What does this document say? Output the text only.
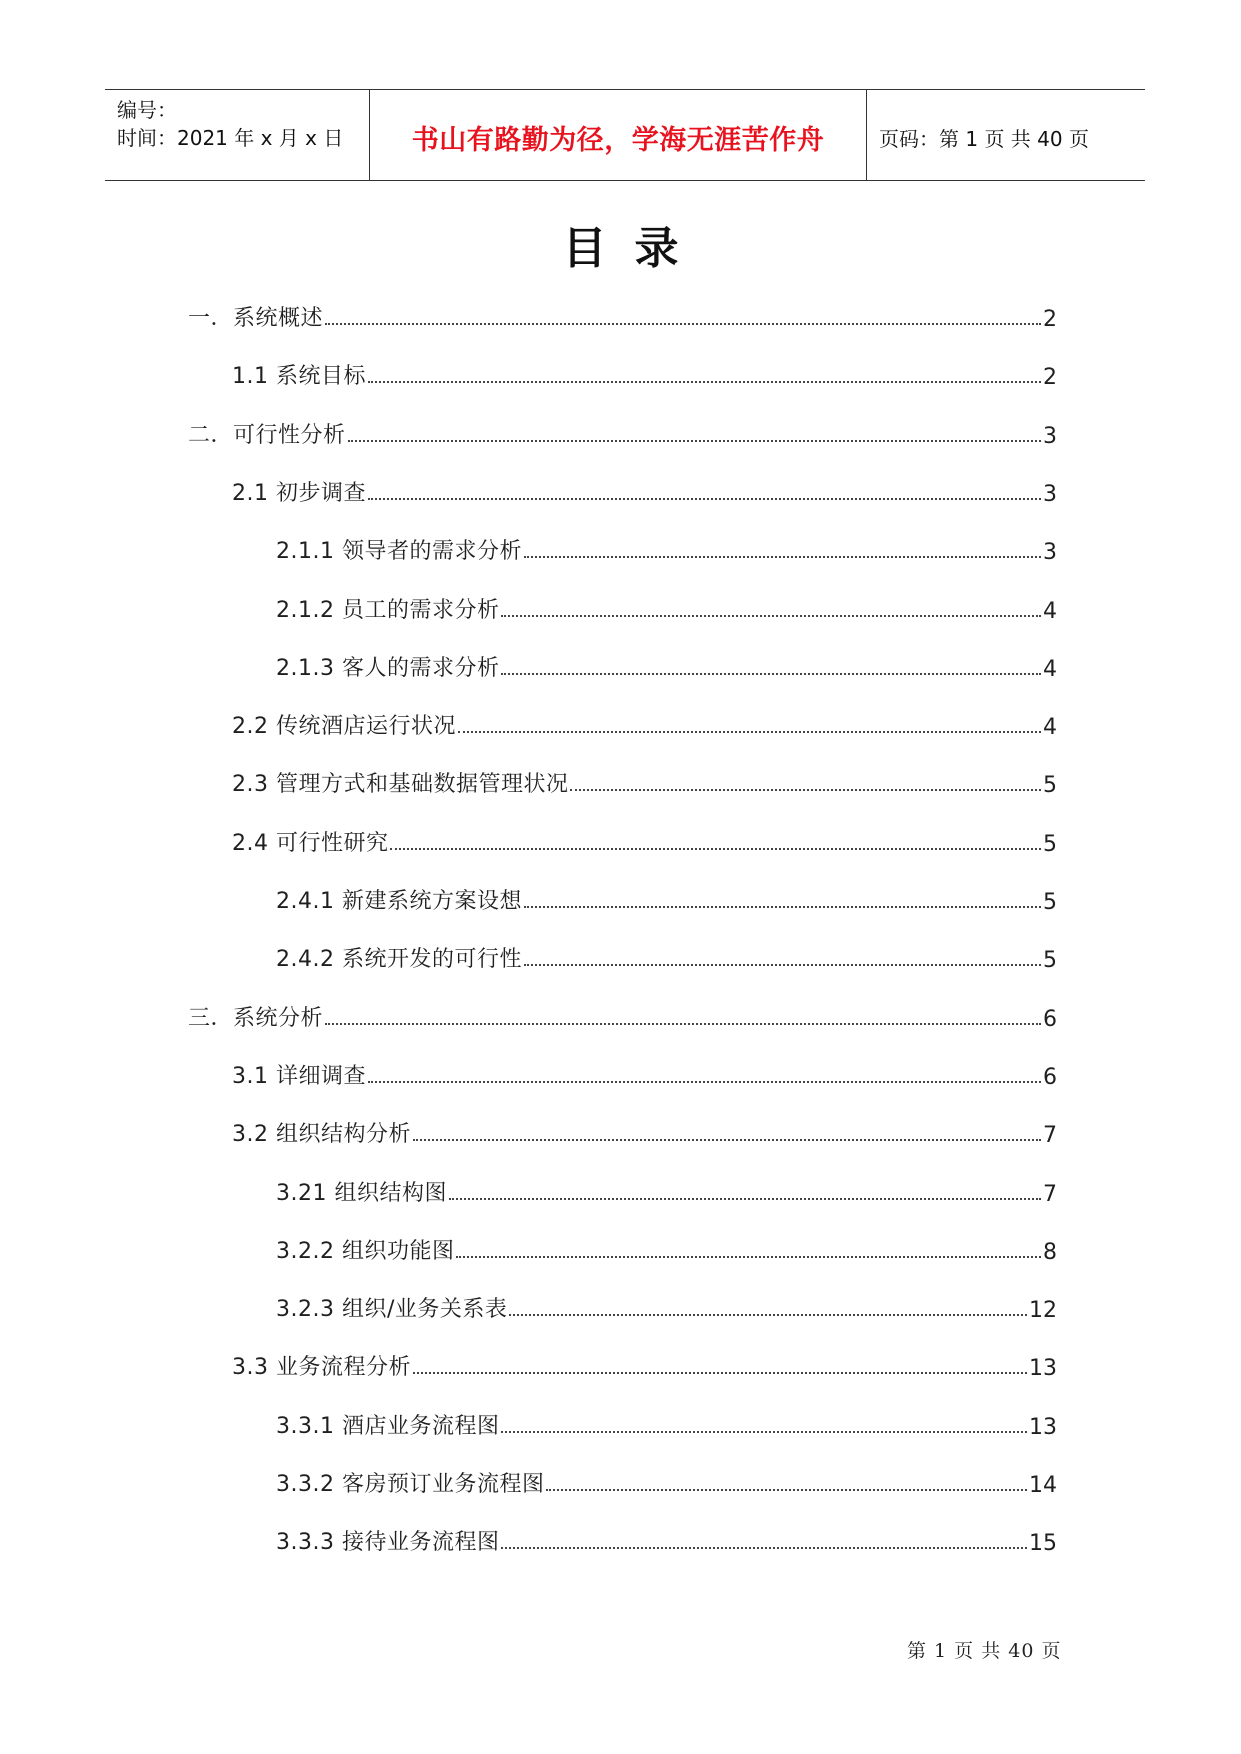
编号：
时间：2021 年 x 月 x 日	书山有路勤为径，学海无涯苦作舟	页码：第 1 页 共 40 页
目录
一．系统概述	2
1.1 系统目标	2
二．可行性分析	3
2.1 初步调查	3
2.1.1 领导者的需求分析	3
2.1.2 员工的需求分析	4
2.1.3 客人的需求分析	4
2.2 传统酒店运行状况	4
2.3 管理方式和基础数据管理状况	5
2.4 可行性研究	5
2.4.1 新建系统方案设想	5
2.4.2 系统开发的可行性	5
三．系统分析	6
3.1 详细调查	6
3.2 组织结构分析	7
3.21 组织结构图	7
3.2.2 组织功能图	8
3.2.3 组织/业务关系表	12
3.3 业务流程分析	13
3.3.1 酒店业务流程图	13
3.3.2 客房预订业务流程图	14
3.3.3 接待业务流程图	15
第 1 页 共 40 页
